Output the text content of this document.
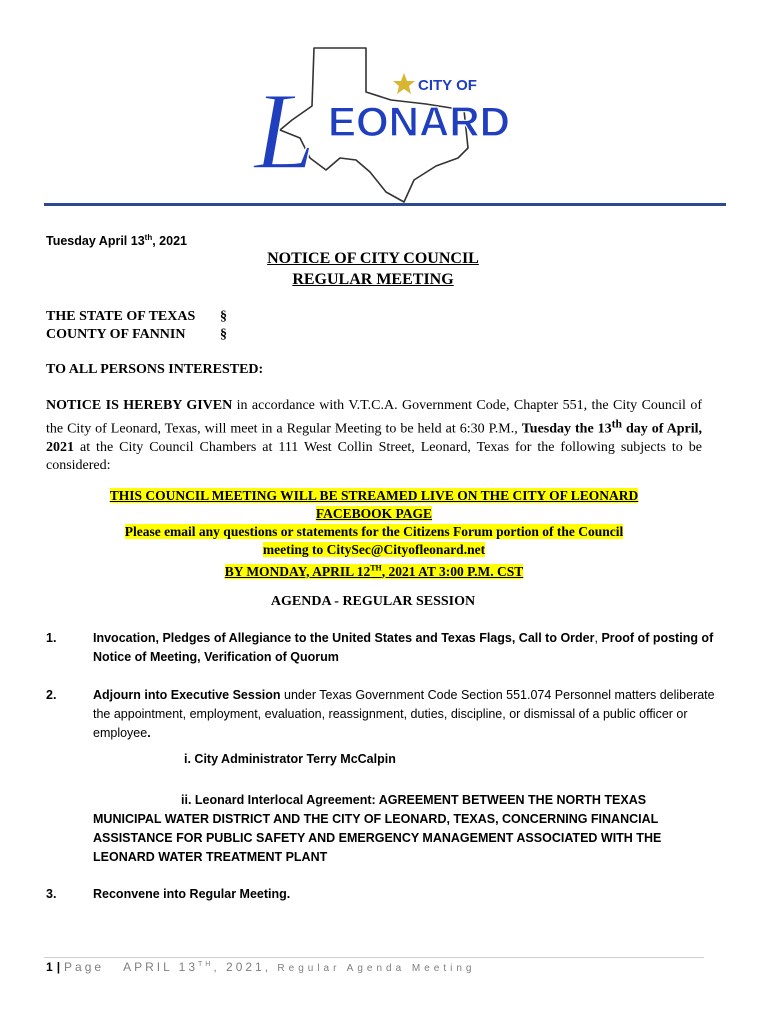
CITY OF
L EONARD
Tuesday April 13th, 2021
NOTICE OF CITY COUNCIL
REGULAR MEETING
THE STATE OF TEXAS	§
COUNTY OF FANNIN	§
TO ALL PERSONS INTERESTED:
NOTICE IS HEREBY GIVEN in accordance with V.T.C.A. Government Code, Chapter 551, the City Council of the City of Leonard, Texas, will meet in a Regular Meeting to be held at 6:30 P.M., Tuesday the 13th day of April, 2021 at the City Council Chambers at 111 West Collin Street, Leonard, Texas for the following subjects to be considered:
THIS COUNCIL MEETING WILL BE STREAMED LIVE ON THE CITY OF LEONARD
FACEBOOK PAGE
Please email any questions or statements for the Citizens Forum portion of the Council
meeting to CitySec@Cityofleonard.net
BY MONDAY, APRIL 12TH, 2021 AT 3:00 P.M. CST
AGENDA - REGULAR SESSION
1.	Invocation, Pledges of Allegiance to the United States and Texas Flags, Call to Order, Proof of posting of Notice of Meeting, Verification of Quorum
2.	Adjourn into Executive Session under Texas Government Code Section 551.074 Personnel matters deliberate the appointment, employment, evaluation, reassignment, duties, discipline, or dismissal of a public officer or employee.
i. City Administrator Terry McCalpin
ii. Leonard Interlocal Agreement: AGREEMENT BETWEEN THE NORTH TEXAS
MUNICIPAL WATER DISTRICT AND THE CITY OF LEONARD, TEXAS, CONCERNING FINANCIAL ASSISTANCE FOR PUBLIC SAFETY AND EMERGENCY MANAGEMENT ASSOCIATED WITH THE LEONARD WATER TREATMENT PLANT
3.	Reconvene into Regular Meeting.
1 | Page APRIL 13TH, 2021, Regular Agenda Meeting
